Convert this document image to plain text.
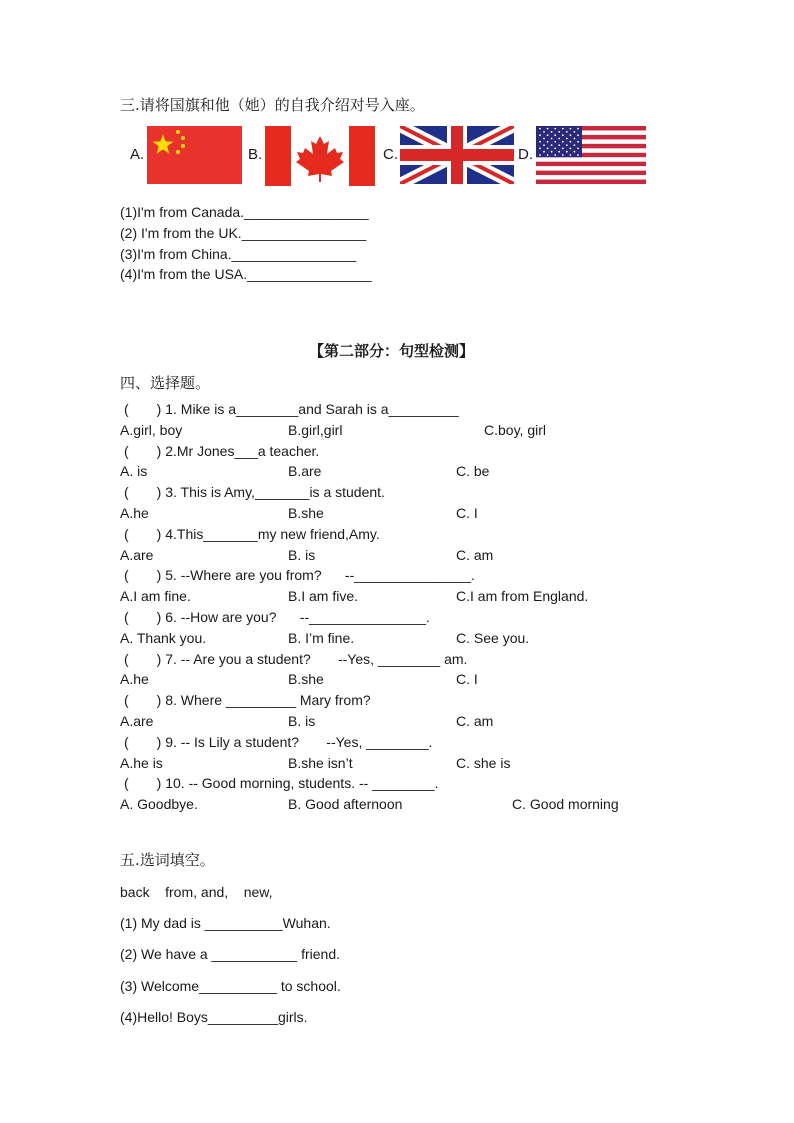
三.请将国旗和他（她）的自我介绍对号入座。
A.	B.	C.	D.
(1)I'm from Canada.________________
(2) I'm from the UK.________________
(3)I'm from China.________________
(4)I'm from the USA.________________
【第二部分：句型检测】
四、选择题。
(　　) 1. Mike is a________and Sarah is a_________
A.girl, boy	B.girl,girl	C.boy, girl
(　　) 2.Mr Jones___a teacher.
A. is	B.are	C. be
(　　) 3. This is Amy,_______is a student.
A.he	B.she	C. I
(　　) 4.This_______my new friend,Amy.
A.are	B. is	C. am
(　　) 5. --Where are you from?      --_______________.
A.I am fine.	B.I am five.	C.I am from England.
(　　) 6. --How are you?      --_______________.
A. Thank you.	B. I’m fine.	C. See you.
(　　) 7. -- Are you a student?       --Yes, ________ am.
A.he	B.she	C. I
(　　) 8. Where _________ Mary from?
A.are	B. is	C. am
(　　) 9. -- Is Lily a student?       --Yes, ________.
A.he is	B.she isn’t	C. she is
(　　) 10. -- Good morning, students. -- ________.
A. Goodbye.	B. Good afternoon	C. Good morning
五.选词填空。
back    from, and,    new,
(1) My dad is __________Wuhan.
(2) We have a ___________ friend.
(3) Welcome__________ to school.
(4)Hello! Boys_________girls.
